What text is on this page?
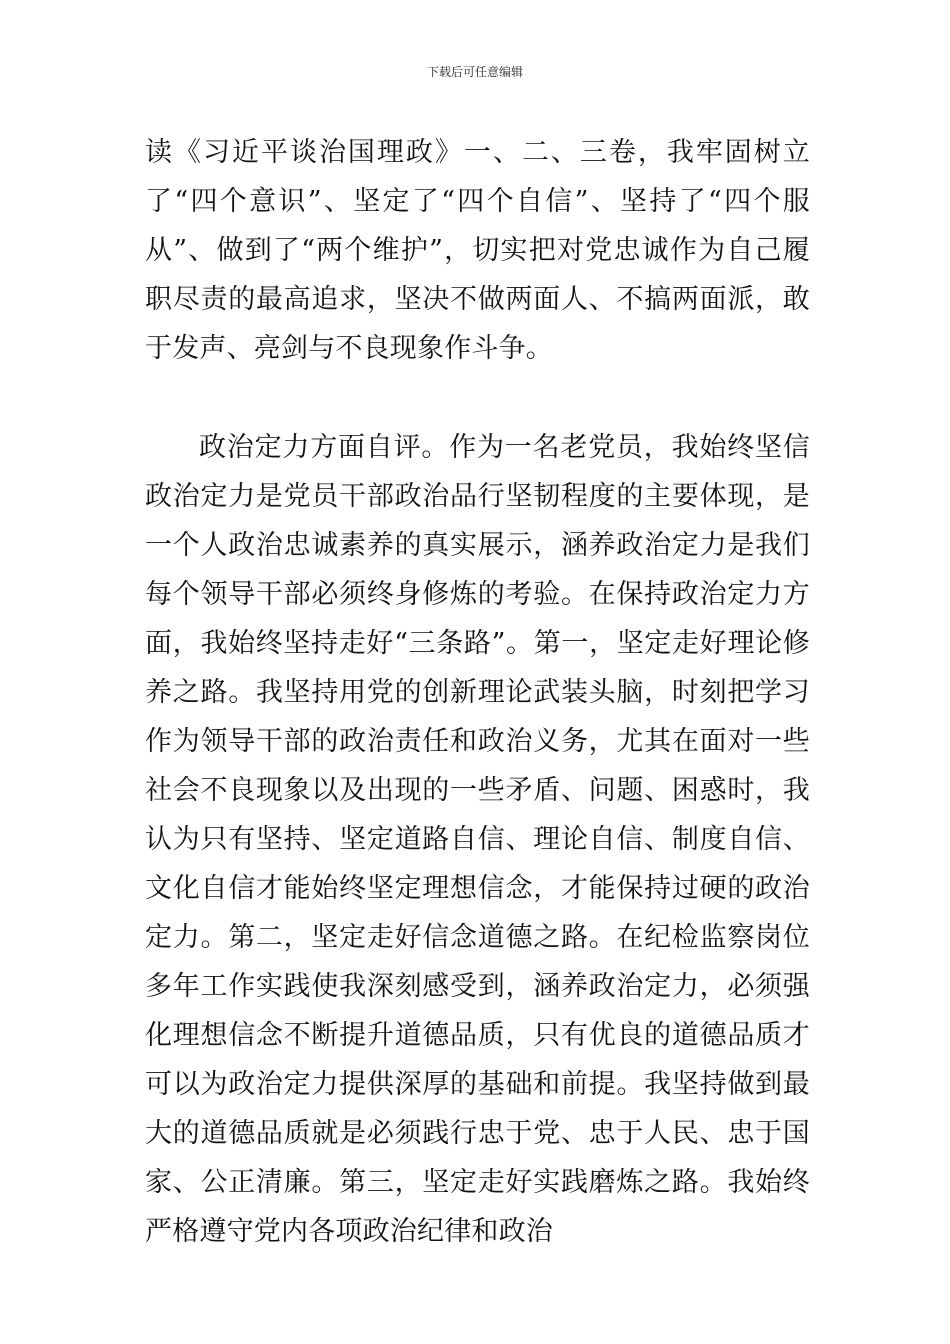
下载后可任意编辑

读《习近平谈治国理政》一、二、三卷，我牢固树立了“四个意识”、坚定了“四个自信”、坚持了“四个服从”、做到了“两个维护”，切实把对党忠诚作为自己履职尽责的最高追求，坚决不做两面人、不搞两面派，敢于发声、亮剑与不良现象作斗争。

政治定力方面自评。作为一名老党员，我始终坚信政治定力是党员干部政治品行坚韧程度的主要体现，是一个人政治忠诚素养的真实展示，涵养政治定力是我们每个领导干部必须终身修炼的考验。在保持政治定力方面，我始终坚持走好“三条路”。第一，坚定走好理论修养之路。我坚持用党的创新理论武装头脑，时刻把学习作为领导干部的政治责任和政治义务，尤其在面对一些社会不良现象以及出现的一些矛盾、问题、困惑时，我认为只有坚持、坚定道路自信、理论自信、制度自信、文化自信才能始终坚定理想信念，才能保持过硬的政治定力。第二，坚定走好信念道德之路。在纪检监察岗位多年工作实践使我深刻感受到，涵养政治定力，必须强化理想信念不断提升道德品质，只有优良的道德品质才可以为政治定力提供深厚的基础和前提。我坚持做到最大的道德品质就是必须践行忠于党、忠于人民、忠于国家、公正清廉。第三，坚定走好实践磨炼之路。我始终严格遵守党内各项政治纪律和政治
